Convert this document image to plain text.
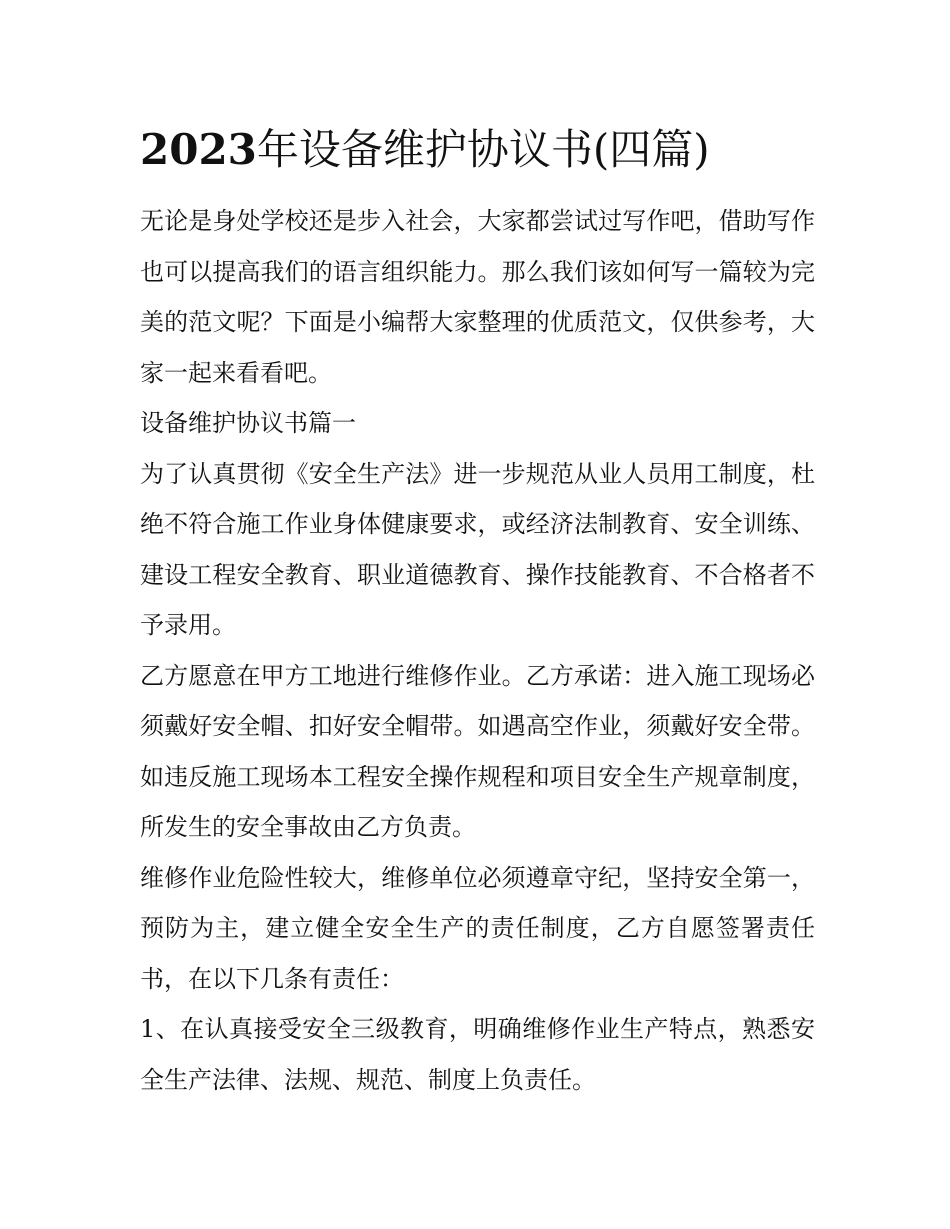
2023年设备维护协议书(四篇)

无论是身处学校还是步入社会，大家都尝试过写作吧，借助写作也可以提高我们的语言组织能力。那么我们该如何写一篇较为完美的范文呢？下面是小编帮大家整理的优质范文，仅供参考，大家一起来看看吧。

设备维护协议书篇一

为了认真贯彻《安全生产法》进一步规范从业人员用工制度，杜绝不符合施工作业身体健康要求，或经济法制教育、安全训练、建设工程安全教育、职业道德教育、操作技能教育、不合格者不予录用。

乙方愿意在甲方工地进行维修作业。乙方承诺：进入施工现场必须戴好安全帽、扣好安全帽带。如遇高空作业，须戴好安全带。如违反施工现场本工程安全操作规程和项目安全生产规章制度，所发生的安全事故由乙方负责。

维修作业危险性较大，维修单位必须遵章守纪，坚持安全第一，预防为主，建立健全安全生产的责任制度，乙方自愿签署责任书，在以下几条有责任：

1、在认真接受安全三级教育，明确维修作业生产特点，熟悉安全生产法律、法规、规范、制度上负责任。
